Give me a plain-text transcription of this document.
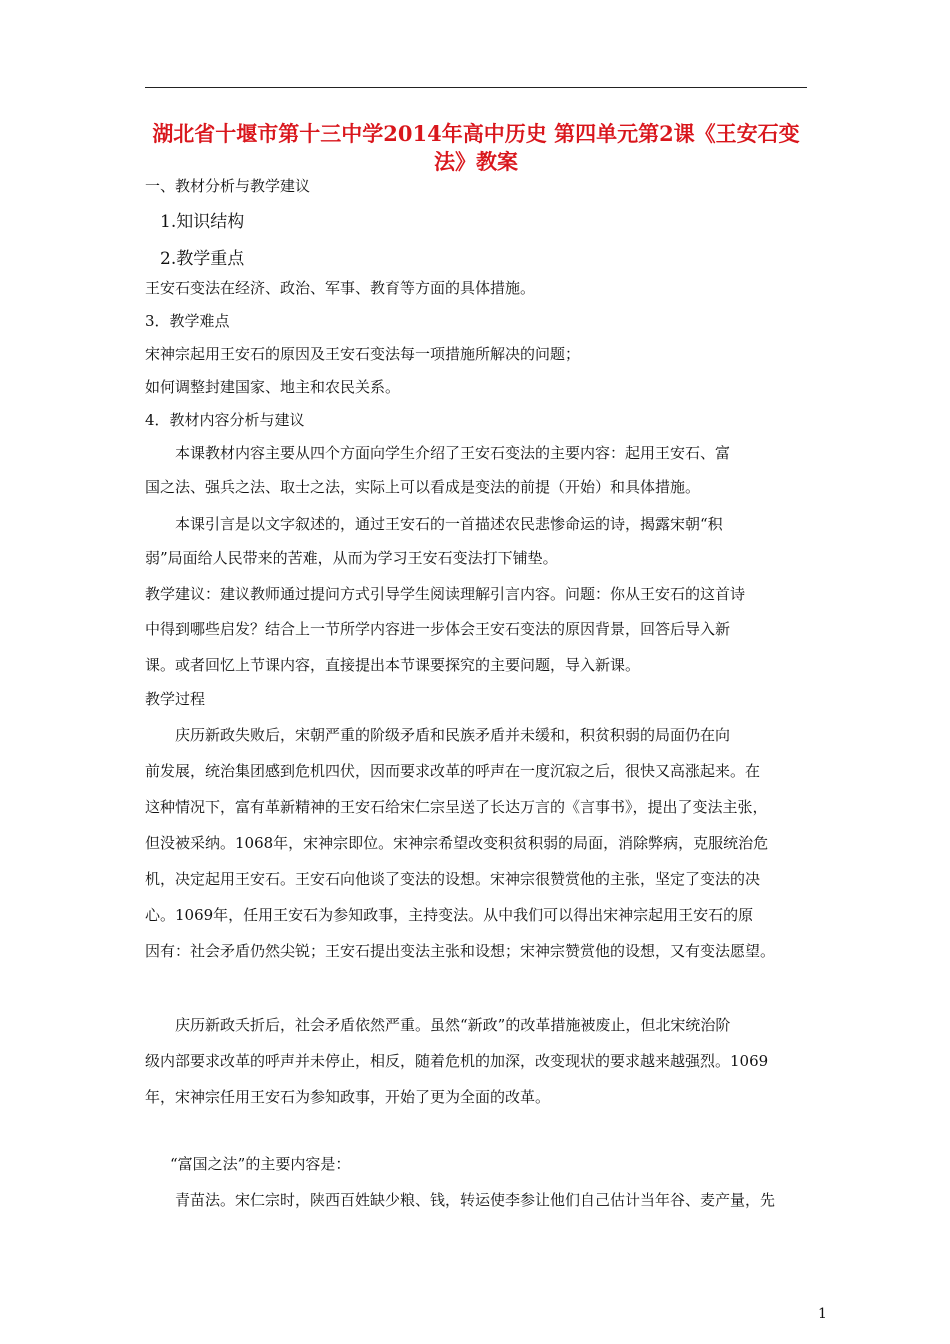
湖北省十堰市第十三中学2014年高中历史 第四单元第2课《王安石变法》教案

一、教材分析与教学建议

1.知识结构

2.教学重点

王安石变法在经济、政治、军事、教育等方面的具体措施。

3．教学难点

宋神宗起用王安石的原因及王安石变法每一项措施所解决的问题；

如何调整封建国家、地主和农民关系。

4．教材内容分析与建议

本课教材内容主要从四个方面向学生介绍了王安石变法的主要内容：起用王安石、富

国之法、强兵之法、取士之法，实际上可以看成是变法的前提（开始）和具体措施。

本课引言是以文字叙述的，通过王安石的一首描述农民悲惨命运的诗，揭露宋朝“积

弱”局面给人民带来的苦难，从而为学习王安石变法打下铺垫。

教学建议：建议教师通过提问方式引导学生阅读理解引言内容。问题：你从王安石的这首诗

中得到哪些启发？结合上一节所学内容进一步体会王安石变法的原因背景，回答后导入新

课。或者回忆上节课内容，直接提出本节课要探究的主要问题，导入新课。

教学过程

庆历新政失败后，宋朝严重的阶级矛盾和民族矛盾并未缓和，积贫积弱的局面仍在向

前发展，统治集团感到危机四伏，因而要求改革的呼声在一度沉寂之后，很快又高涨起来。在

这种情况下，富有革新精神的王安石给宋仁宗呈送了长达万言的《言事书》，提出了变法主张，

但没被采纳。1068年，宋神宗即位。宋神宗希望改变积贫积弱的局面，消除弊病，克服统治危

机，决定起用王安石。王安石向他谈了变法的设想。宋神宗很赞赏他的主张，坚定了变法的决

心。1069年，任用王安石为参知政事，主持变法。从中我们可以得出宋神宗起用王安石的原

因有：社会矛盾仍然尖锐；王安石提出变法主张和设想；宋神宗赞赏他的设想，又有变法愿望。

庆历新政夭折后，社会矛盾依然严重。虽然“新政”的改革措施被废止，但北宋统治阶

级内部要求改革的呼声并未停止，相反，随着危机的加深，改变现状的要求越来越强烈。1069

年，宋神宗任用王安石为参知政事，开始了更为全面的改革。

“富国之法”的主要内容是：

青苗法。宋仁宗时，陕西百姓缺少粮、钱，转运使李参让他们自己估计当年谷、麦产量，先

1
